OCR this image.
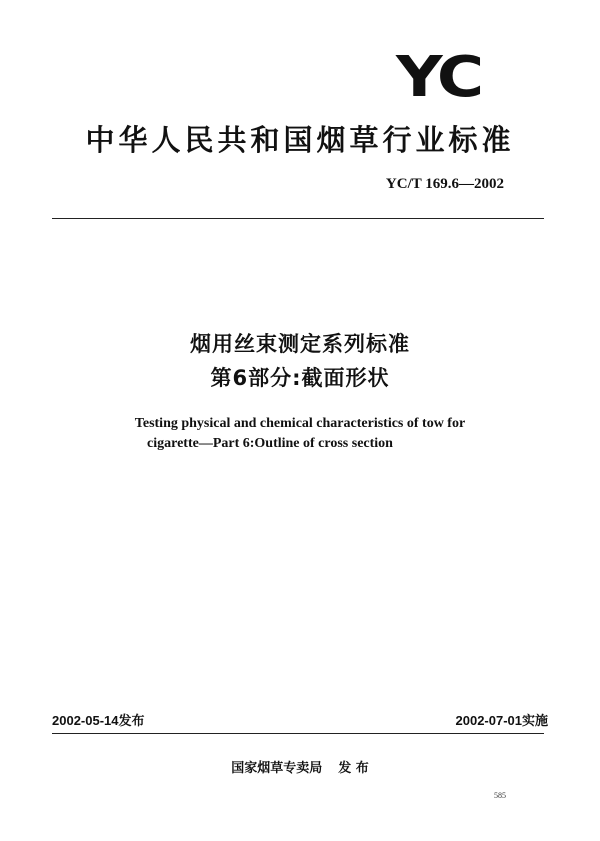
YC
中华人民共和国烟草行业标准
YC/T 169.6—2002
烟用丝束测定系列标准
第6部分:截面形状
Testing physical and chemical characteristics of tow for
cigarette—Part 6:Outline of cross section
2002-05-14发布	2002-07-01实施
国家烟草专卖局 发 布
585
